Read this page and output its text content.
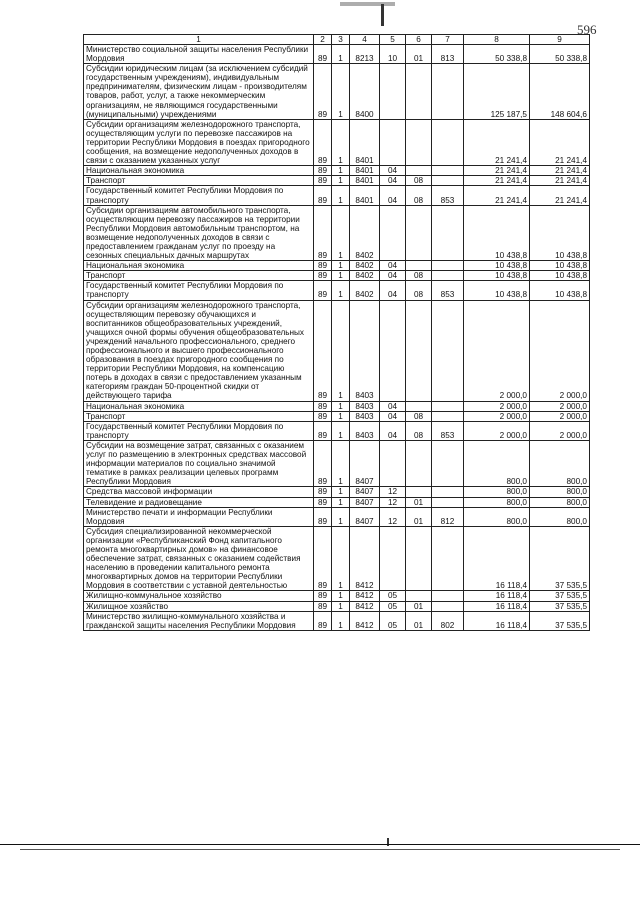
596
1	2	3	4	5	6	7	8	9
Министерство социальной защиты населения Республики Мордовия	89	1	8213	10	01	813	50 338,8	50 338,8
Субсидии юридическим лицам (за исключением субсидий государственным учреждениям), индивидуальным предпринимателям, физическим лицам - производителям товаров, работ, услуг, а также некоммерческим организациям, не являющимся государственными (муниципальными) учреждениями	89	1	8400				125 187,5	148 604,6
Субсидии организациям железнодорожного транспорта, осуществляющим услуги по перевозке пассажиров на территории Республики Мордовия в поездах пригородного сообщения, на возмещение недополученных доходов в связи с оказанием указанных услуг	89	1	8401				21 241,4	21 241,4
Национальная экономика	89	1	8401	04			21 241,4	21 241,4
Транспорт	89	1	8401	04	08		21 241,4	21 241,4
Государственный комитет Республики Мордовия по транспорту	89	1	8401	04	08	853	21 241,4	21 241,4
Субсидии организациям автомобильного транспорта, осуществляющим перевозку пассажиров на территории Республики Мордовия автомобильным транспортом, на возмещение недополученных доходов в связи с предоставлением гражданам услуг по проезду на сезонных специальных дачных маршрутах	89	1	8402				10 438,8	10 438,8
Национальная экономика	89	1	8402	04			10 438,8	10 438,8
Транспорт	89	1	8402	04	08		10 438,8	10 438,8
Государственный комитет Республики Мордовия по транспорту	89	1	8402	04	08	853	10 438,8	10 438,8
Субсидии организациям железнодорожного транспорта, осуществляющим перевозку обучающихся и воспитанников общеобразовательных учреждений, учащихся очной формы обучения общеобразовательных учреждений начального профессионального, среднего профессионального и высшего профессионального образования в поездах пригородного сообщения по территории Республики Мордовия, на компенсацию потерь в доходах в связи с предоставлением указанным категориям граждан 50-процентной скидки от действующего тарифа	89	1	8403				2 000,0	2 000,0
Национальная экономика	89	1	8403	04			2 000,0	2 000,0
Транспорт	89	1	8403	04	08		2 000,0	2 000,0
Государственный комитет Республики Мордовия по транспорту	89	1	8403	04	08	853	2 000,0	2 000,0
Субсидии на возмещение затрат, связанных с оказанием услуг по размещению в электронных средствах массовой информации материалов по социально значимой тематике в рамках реализации целевых программ Республики Мордовия	89	1	8407				800,0	800,0
Средства массовой информации	89	1	8407	12			800,0	800,0
Телевидение и радиовещание	89	1	8407	12	01		800,0	800,0
Министерство печати и информации Республики Мордовия	89	1	8407	12	01	812	800,0	800,0
Субсидия специализированной некоммерческой организации «Республиканский Фонд капитального ремонта многоквартирных домов» на финансовое обеспечение затрат, связанных с оказанием содействия населению в проведении капитального ремонта многоквартирных домов на территории Республики Мордовия в соответствии с уставной деятельностью	89	1	8412				16 118,4	37 535,5
Жилищно-коммунальное хозяйство	89	1	8412	05			16 118,4	37 535,5
Жилищное хозяйство	89	1	8412	05	01		16 118,4	37 535,5
Министерство жилищно-коммунального хозяйства и гражданской защиты населения Республики Мордовия	89	1	8412	05	01	802	16 118,4	37 535,5
